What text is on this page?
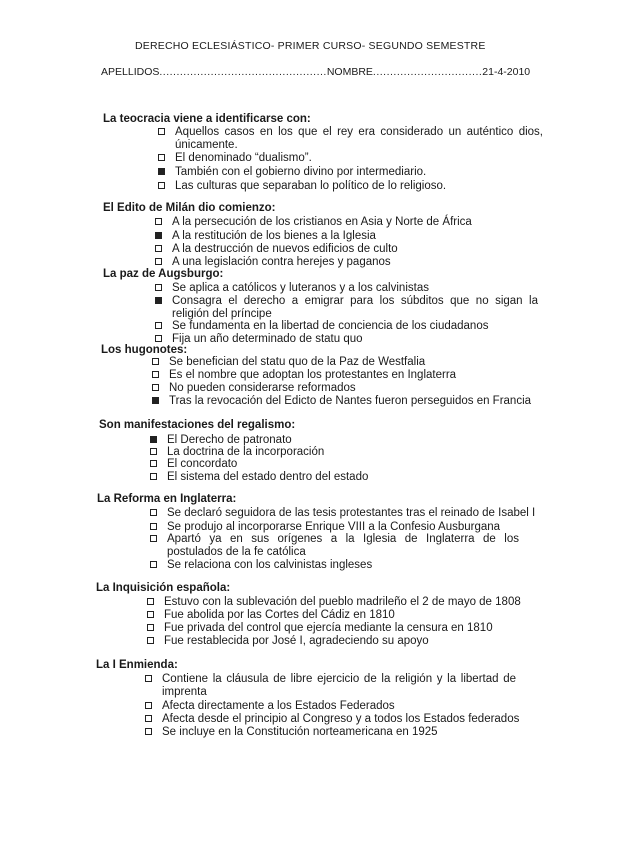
DERECHO ECLESIÁSTICO- PRIMER CURSO- SEGUNDO SEMESTRE
APELLIDOS.................................................NOMBRE................................21-4-2010
La teocracia viene a identificarse con:
Aquellos casos en los que el rey era considerado un auténtico dios, únicamente.
El denominado “dualismo”.
También con el gobierno divino por intermediario.
Las culturas que separaban lo político de lo religioso.
El Edito de Milán dio comienzo:
A la persecución de los cristianos en Asia y Norte de África
A la restitución de los bienes a la Iglesia
A la destrucción de nuevos edificios de culto
A una legislación contra herejes y paganos
La paz de Augsburgo:
Se aplica a católicos y luteranos y a los calvinistas
Consagra el derecho a emigrar para los súbditos que no sigan la religión del príncipe
Se fundamenta en la libertad de conciencia de los ciudadanos
Fija un año determinado de statu quo
Los hugonotes:
Se benefician del statu quo de la Paz de Westfalia
Es el nombre que adoptan los protestantes en Inglaterra
No pueden considerarse reformados
Tras la revocación del Edicto de Nantes fueron perseguidos en Francia
Son manifestaciones del regalismo:
El Derecho de patronato
La doctrina de la incorporación
El concordato
El sistema del estado dentro del estado
La Reforma en Inglaterra:
Se declaró seguidora de las tesis protestantes tras el reinado de Isabel I
Se produjo al incorporarse Enrique VIII a la Confesio Ausburgana
Apartó ya en sus orígenes a la Iglesia de Inglaterra de los postulados de la fe católica
Se relaciona con los calvinistas ingleses
La Inquisición española:
Estuvo con la sublevación del pueblo madrileño el 2 de mayo de 1808
Fue abolida por las Cortes del Cádiz en 1810
Fue privada del control que ejercía mediante la censura en 1810
Fue restablecida por José I, agradeciendo su apoyo
La I Enmienda:
Contiene la cláusula de libre ejercicio de la religión y la libertad de imprenta
Afecta directamente a los Estados Federados
Afecta desde el principio al Congreso y a todos los Estados federados
Se incluye en la Constitución norteamericana en 1925
